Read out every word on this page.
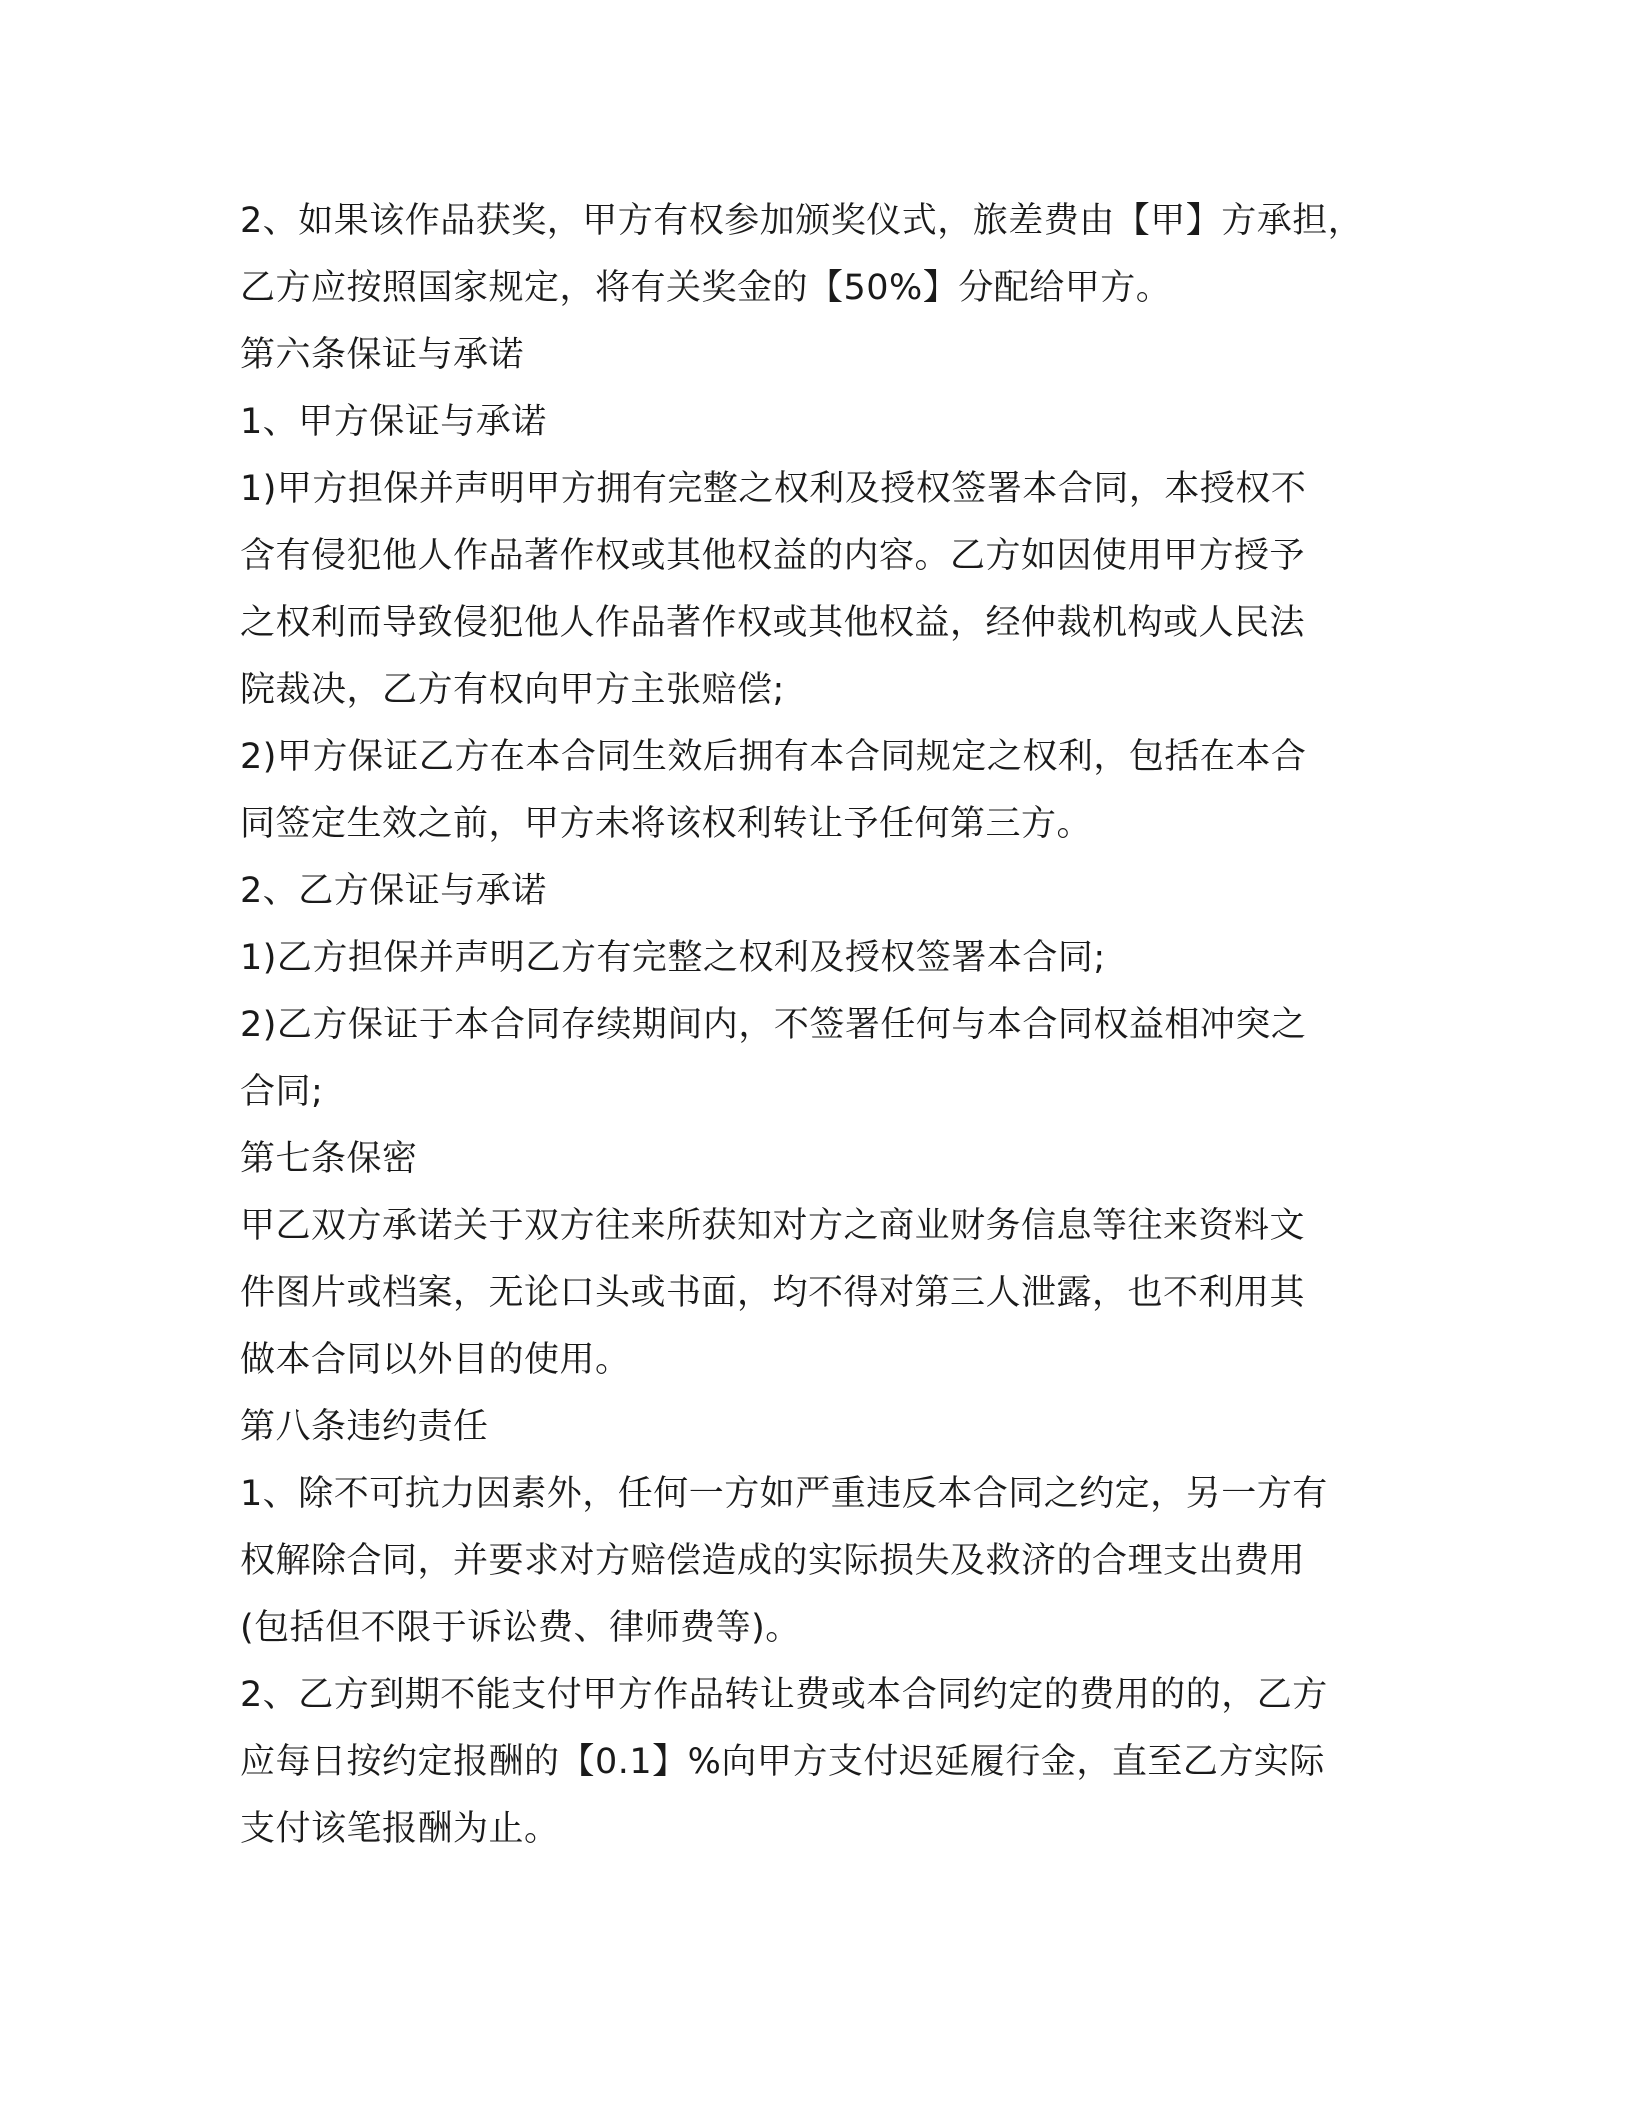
2、如果该作品获奖，甲方有权参加颁奖仪式，旅差费由【甲】方承担，
乙方应按照国家规定，将有关奖金的【50%】分配给甲方。
第六条保证与承诺
1、甲方保证与承诺
1)甲方担保并声明甲方拥有完整之权利及授权签署本合同，本授权不
含有侵犯他人作品著作权或其他权益的内容。乙方如因使用甲方授予
之权利而导致侵犯他人作品著作权或其他权益，经仲裁机构或人民法
院裁决，乙方有权向甲方主张赔偿;
2)甲方保证乙方在本合同生效后拥有本合同规定之权利，包括在本合
同签定生效之前，甲方未将该权利转让予任何第三方。
2、乙方保证与承诺
1)乙方担保并声明乙方有完整之权利及授权签署本合同;
2)乙方保证于本合同存续期间内，不签署任何与本合同权益相冲突之
合同;
第七条保密
甲乙双方承诺关于双方往来所获知对方之商业财务信息等往来资料文
件图片或档案，无论口头或书面，均不得对第三人泄露，也不利用其
做本合同以外目的使用。
第八条违约责任
1、除不可抗力因素外，任何一方如严重违反本合同之约定，另一方有
权解除合同，并要求对方赔偿造成的实际损失及救济的合理支出费用
(包括但不限于诉讼费、律师费等)。
2、乙方到期不能支付甲方作品转让费或本合同约定的费用的的，乙方
应每日按约定报酬的【0.1】%向甲方支付迟延履行金，直至乙方实际
支付该笔报酬为止。
